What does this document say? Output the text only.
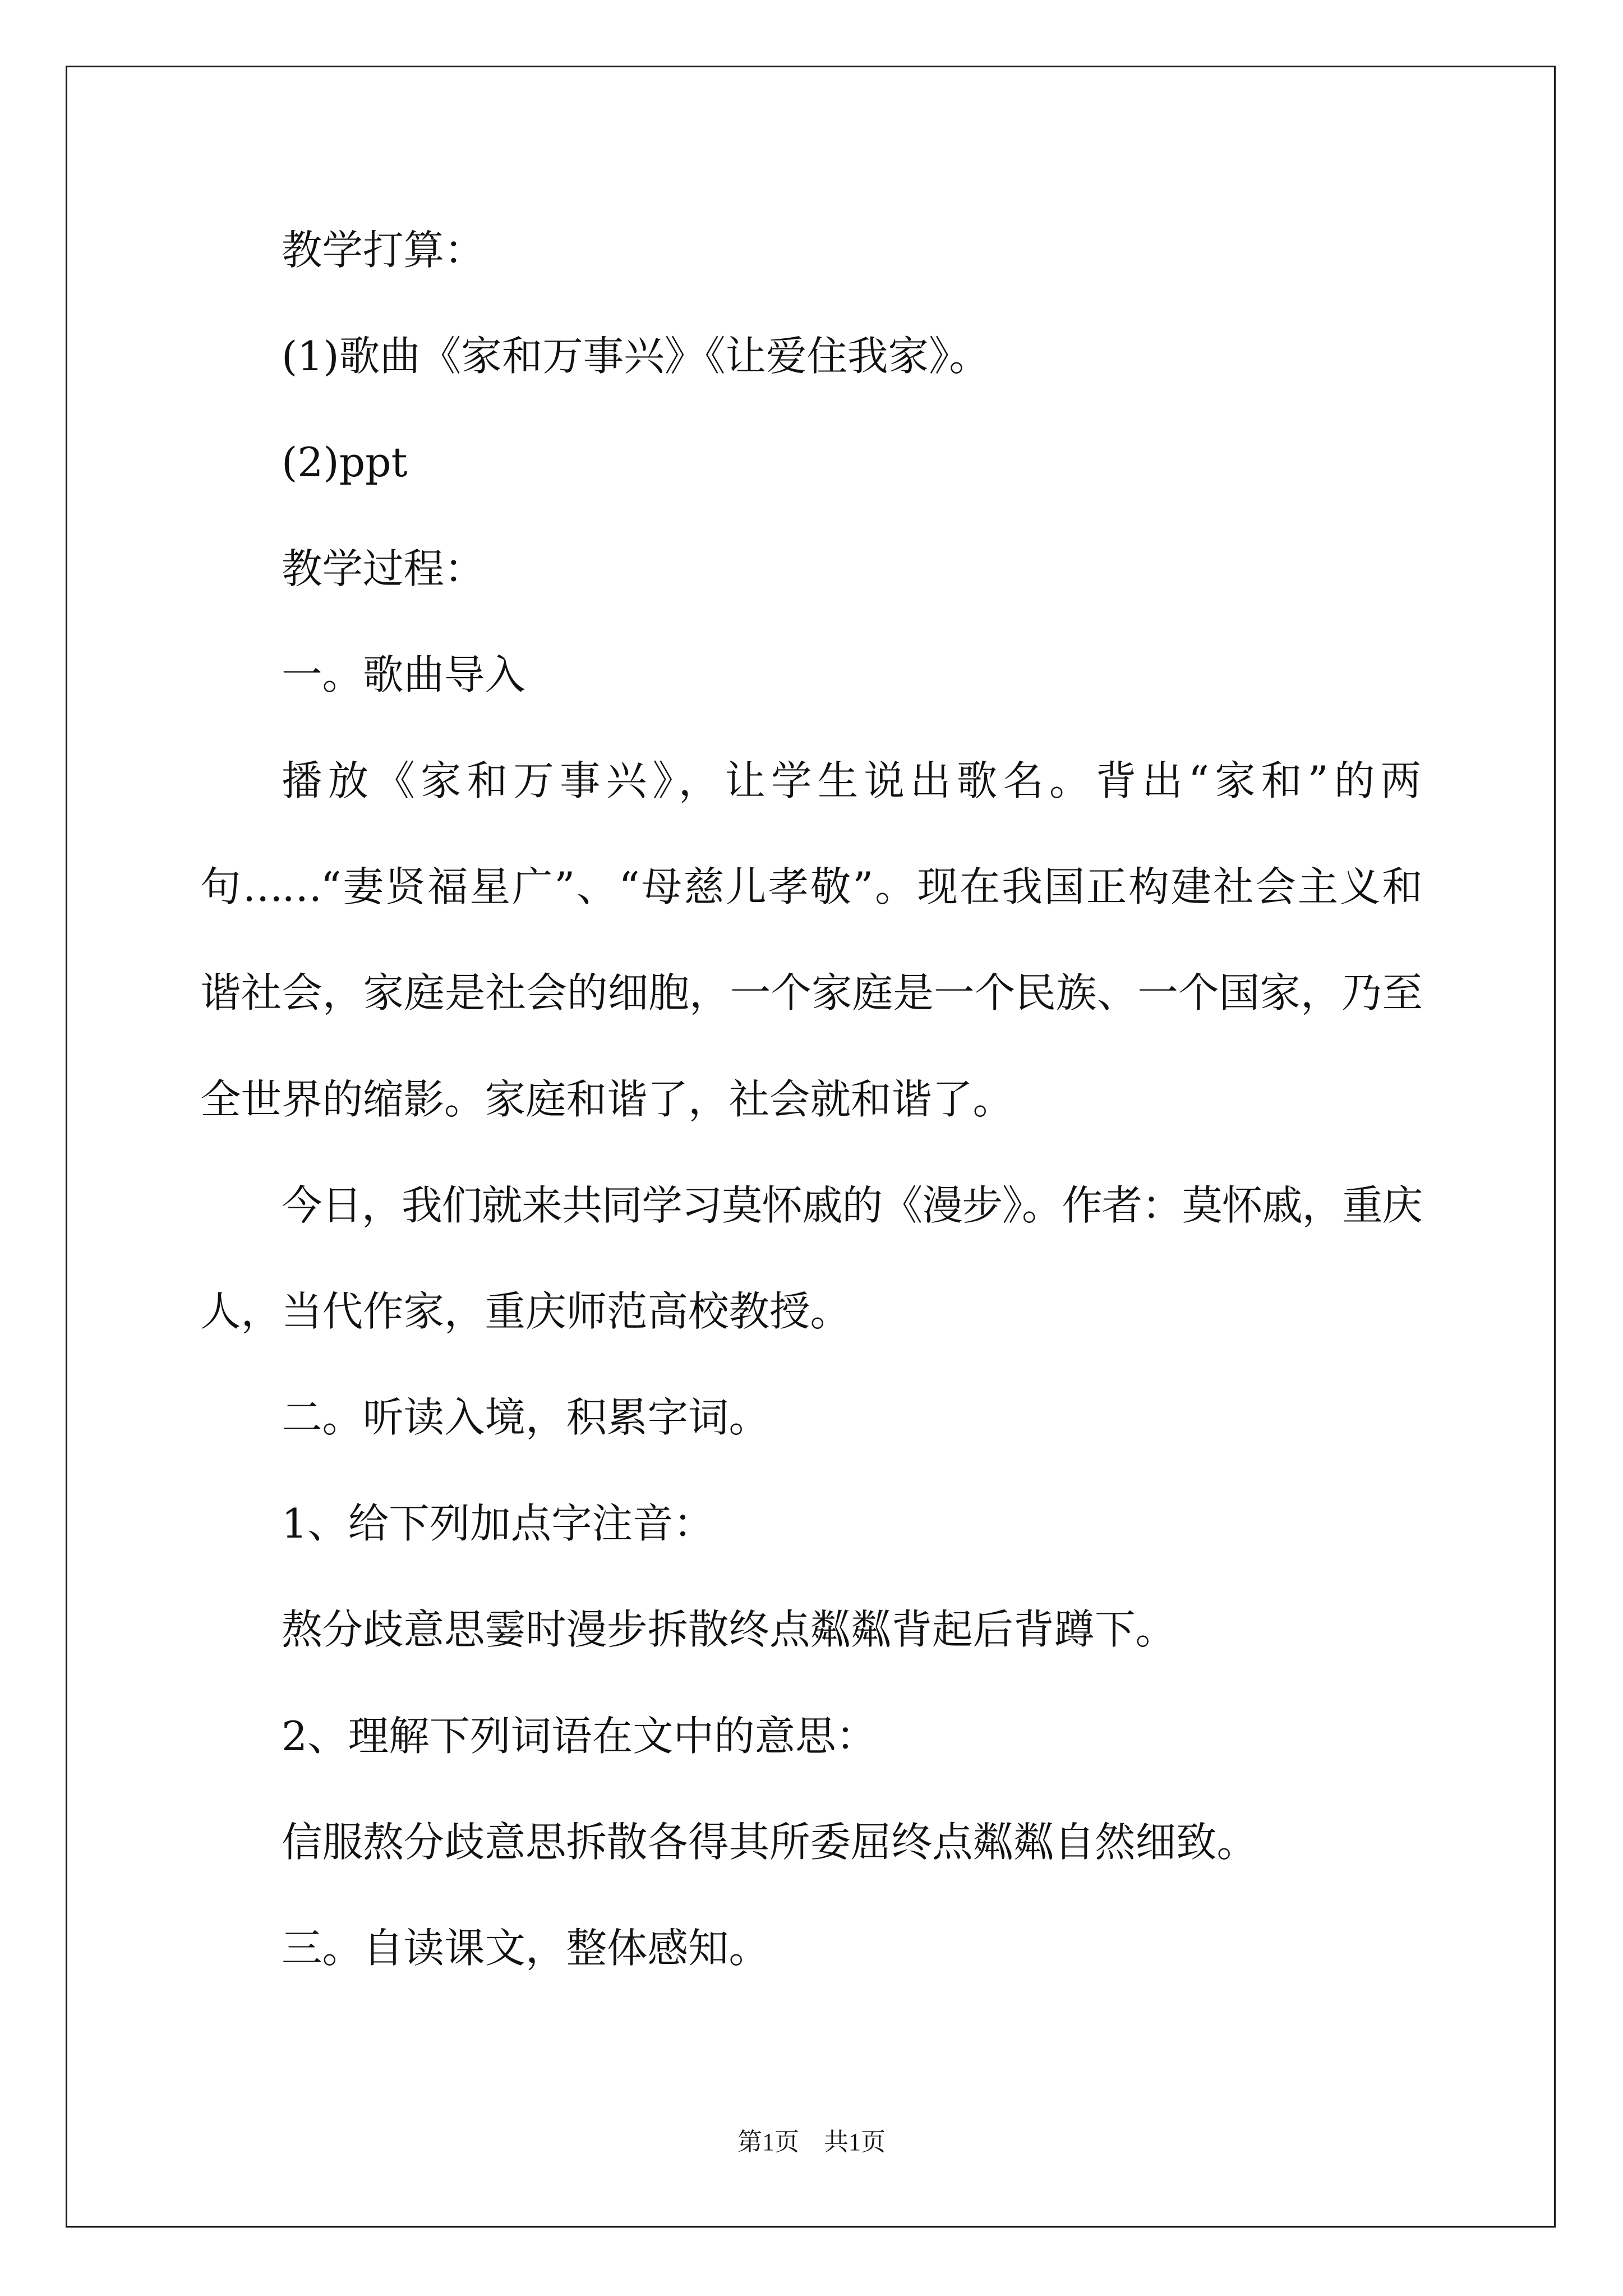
教学打算：
(1)歌曲《家和万事兴》《让爱住我家》。
(2)ppt
教学过程：
一。歌曲导入
播放《家和万事兴》，让学生说出歌名。背出“家和”的两
句……“妻贤福星广”、“母慈儿孝敬”。现在我国正构建社会主义和
谐社会，家庭是社会的细胞，一个家庭是一个民族、一个国家，乃至
全世界的缩影。家庭和谐了，社会就和谐了。
今日，我们就来共同学习莫怀戚的《漫步》。作者：莫怀戚，重庆
人，当代作家，重庆师范高校教授。
二。听读入境，积累字词。
1、给下列加点字注音：
熬分歧意思霎时漫步拆散终点粼粼背起后背蹲下。
2、理解下列词语在文中的意思：
信服熬分歧意思拆散各得其所委屈终点粼粼自然细致。
三。自读课文，整体感知。
第1页　共1页
